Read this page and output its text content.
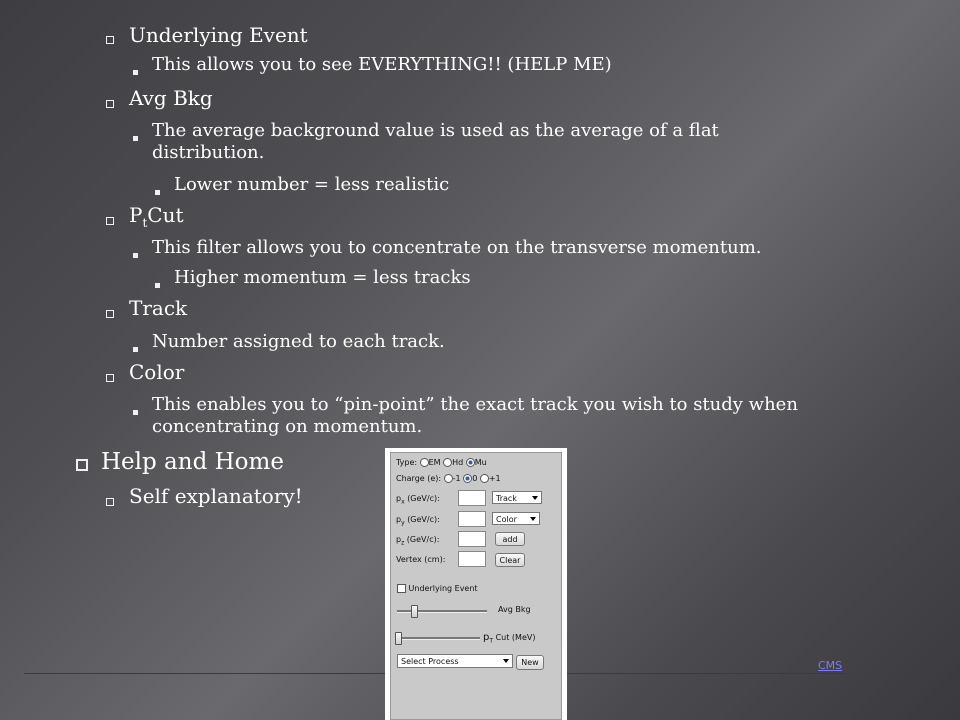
Underlying Event
This allows you to see EVERYTHING!! (HELP ME)
Avg Bkg
The average background value is used as the average of a flat distribution.
Lower number = less realistic
$P_tCut$
This filter allows you to concentrate on the transverse momentum.
Higher momentum = less tracks
Track
Number assigned to each track.
Color
This enables you to “pin-point” the exact track you wish to study when concentrating on momentum.
Help and Home
Self explanatory!
CMS
Type: EM Hd Mu
Charge (e): -1 0 +1
$p_x$ (GeV/c):	Track
$p_y$ (GeV/c):	Color
$p_z$ (GeV/c):	add
Vertex (cm):	Clear
Underlying Event
Avg Bkg
$p_T$ Cut (MeV)
Select Process	New
